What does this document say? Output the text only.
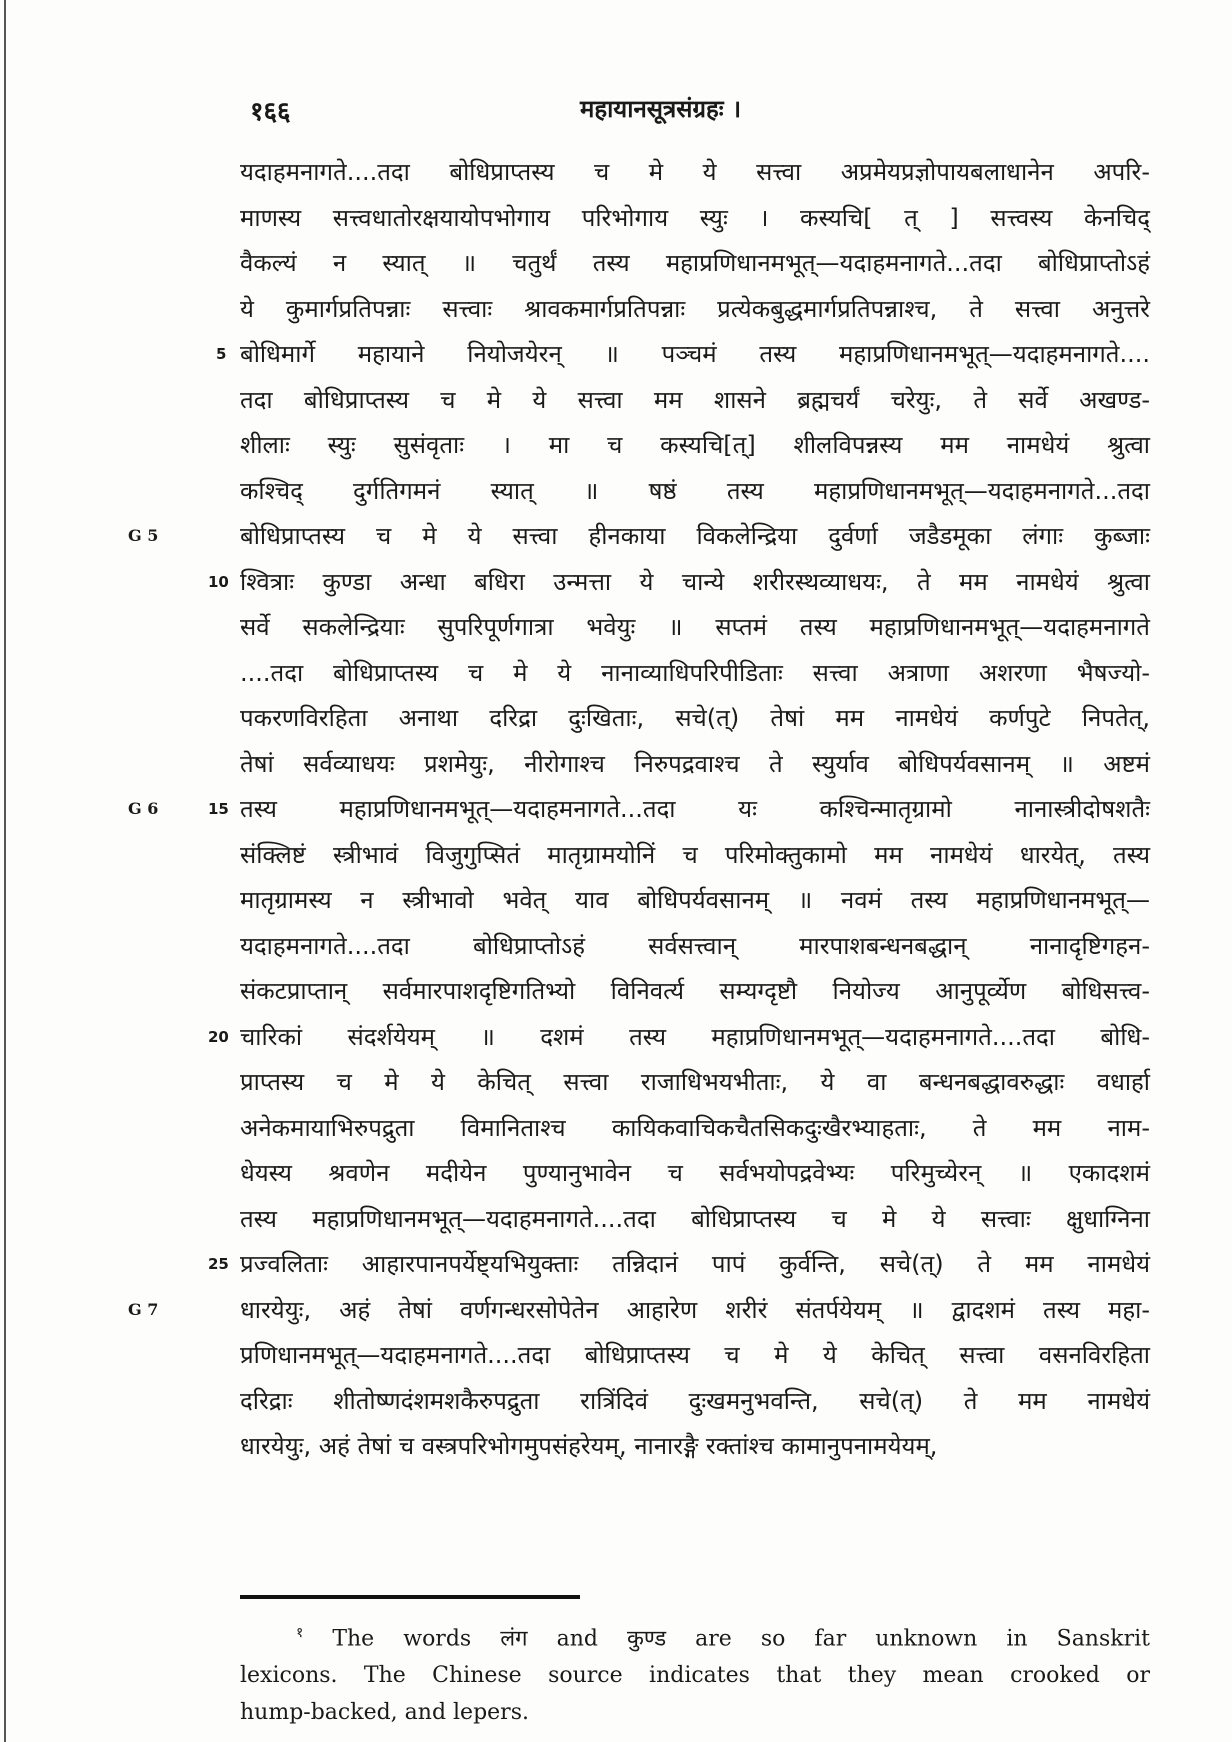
१६६	महायानसूत्रसंग्रहः ।
यदाहमनागते....तदा बोधिप्राप्तस्य च मे ये सत्त्वा अप्रमेयप्रज्ञोपायबलाधानेन अपरि-
माणस्य सत्त्वधातोरक्षयायोपभोगाय परिभोगाय स्युः । कस्यचि[ त् ] सत्त्वस्य केनचिद्
वैकल्यं न स्यात् ॥ चतुर्थं तस्य महाप्रणिधानमभूत्—यदाहमनागते...तदा बोधिप्राप्तोऽहं
ये कुमार्गप्रतिपन्नाः सत्त्वाः श्रावकमार्गप्रतिपन्नाः प्रत्येकबुद्धमार्गप्रतिपन्नाश्च, ते सत्त्वा अनुत्तरे
5 बोधिमार्गे महायाने नियोजयेरन् ॥ पञ्चमं तस्य महाप्रणिधानमभूत्—यदाहमनागते....
तदा बोधिप्राप्तस्य च मे ये सत्त्वा मम शासने ब्रह्मचर्यं चरेयुः, ते सर्वे अखण्ड-
शीलाः स्युः सुसंवृताः । मा च कस्यचि[त्] शीलविपन्नस्य मम नामधेयं श्रुत्वा
कश्चिद् दुर्गतिगमनं स्यात् ॥ षष्ठं तस्य महाप्रणिधानमभूत्—यदाहमनागते...तदा
बोधिप्राप्तस्य च मे ये सत्त्वा हीनकाया विकलेन्द्रिया दुर्वर्णा जडैडमूका लंगाः कुब्जाः
10 श्वित्राः कुण्डा अन्धा बधिरा उन्मत्ता ये चान्ये शरीरस्थव्याधयः, ते मम नामधेयं श्रुत्वा
सर्वे सकलेन्द्रियाः सुपरिपूर्णगात्रा भवेयुः ॥ सप्तमं तस्य महाप्रणिधानमभूत्—यदाहमनागते
....तदा बोधिप्राप्तस्य च मे ये नानाव्याधिपरिपीडिताः सत्त्वा अत्राणा अशरणा भैषज्यो-
पकरणविरहिता अनाथा दरिद्रा दुःखिताः, सचे(त्) तेषां मम नामधेयं कर्णपुटे निपतेत्,
तेषां सर्वव्याधयः प्रशमेयुः, नीरोगाश्च निरुपद्रवाश्च ते स्युर्याव बोधिपर्यवसानम् ॥ अष्टमं
15 तस्य महाप्रणिधानमभूत्—यदाहमनागते...तदा यः कश्चिन्मातृग्रामो नानास्त्रीदोषशतैः
संक्लिष्टं स्त्रीभावं विजुगुप्सितं मातृग्रामयोनिं च परिमोक्तुकामो मम नामधेयं धारयेत्, तस्य
मातृग्रामस्य न स्त्रीभावो भवेत् याव बोधिपर्यवसानम् ॥ नवमं तस्य महाप्रणिधानमभूत्—
यदाहमनागते....तदा बोधिप्राप्तोऽहं सर्वसत्त्वान् मारपाशबन्धनबद्धान् नानादृष्टिगहन-
संकटप्राप्तान् सर्वमारपाशदृष्टिगतिभ्यो विनिवर्त्य सम्यग्दृष्टौ नियोज्य आनुपूर्व्येण बोधिसत्त्व-
20 चारिकां संदर्शयेयम् ॥ दशमं तस्य महाप्रणिधानमभूत्—यदाहमनागते....तदा बोधि-
प्राप्तस्य च मे ये केचित् सत्त्वा राजाधिभयभीताः, ये वा बन्धनबद्धावरुद्धाः वधार्हा
अनेकमायाभिरुपद्रुता विमानिताश्च कायिकवाचिकचैतसिकदुःखैरभ्याहताः, ते मम नाम-
धेयस्य श्रवणेन मदीयेन पुण्यानुभावेन च सर्वभयोपद्रवेभ्यः परिमुच्येरन् ॥ एकादशमं
तस्य महाप्रणिधानमभूत्—यदाहमनागते....तदा बोधिप्राप्तस्य च मे ये सत्त्वाः क्षुधाग्निना
25 प्रज्वलिताः आहारपानपर्येष्ट्यभियुक्ताः तन्निदानं पापं कुर्वन्ति, सचे(त्) ते मम नामधेयं
धारयेयुः, अहं तेषां वर्णगन्धरसोपेतेन आहारेण शरीरं संतर्पयेयम् ॥ द्वादशमं तस्य महा-
प्रणिधानमभूत्—यदाहमनागते....तदा बोधिप्राप्तस्य च मे ये केचित् सत्त्वा वसनविरहिता
दरिद्राः शीतोष्णदंशमशकैरुपद्रुता रात्रिंदिवं दुःखमनुभवन्ति, सचे(त्) ते मम नामधेयं
धारयेयुः, अहं तेषां च वस्त्रपरिभोगमुपसंहरेयम्, नानारङ्गै रक्तांश्च कामानुपनामयेयम्,
G 5
G 6
G 7
$^१$ The words लंग and कुण्ड are so far unknown in Sanskrit
lexicons. The Chinese source indicates that they mean crooked or
hump-backed, and lepers.
